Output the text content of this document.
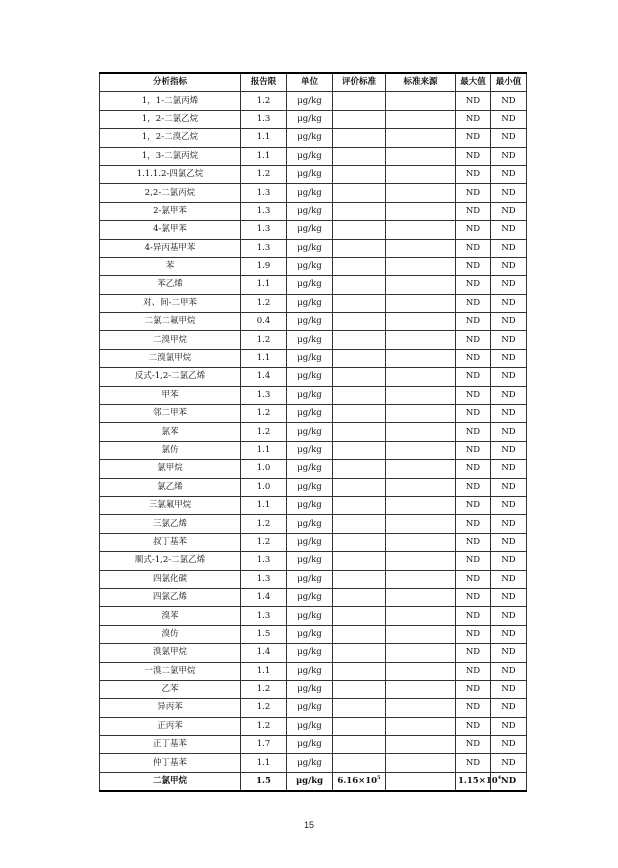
分析指标	报告限	单位	评价标准	标准来源	最大值	最小值
1，1-二氯丙烯	1.2	μg/kg			ND	ND
1，2-二氯乙烷	1.3	μg/kg			ND	ND
1，2-二溴乙烷	1.1	μg/kg			ND	ND
1，3-二氯丙烷	1.1	μg/kg			ND	ND
1.1.1.2-四氯乙烷	1.2	μg/kg			ND	ND
2,2-二氯丙烷	1.3	μg/kg			ND	ND
2-氯甲苯	1.3	μg/kg			ND	ND
4-氯甲苯	1.3	μg/kg			ND	ND
4-异丙基甲苯	1.3	μg/kg			ND	ND
苯	1.9	μg/kg			ND	ND
苯乙烯	1.1	μg/kg			ND	ND
对、间-二甲苯	1.2	μg/kg			ND	ND
二氯二氟甲烷	0.4	μg/kg			ND	ND
二溴甲烷	1.2	μg/kg			ND	ND
二溴氯甲烷	1.1	μg/kg			ND	ND
反式-1,2-二氯乙烯	1.4	μg/kg			ND	ND
甲苯	1.3	μg/kg			ND	ND
邻二甲苯	1.2	μg/kg			ND	ND
氯苯	1.2	μg/kg			ND	ND
氯仿	1.1	μg/kg			ND	ND
氯甲烷	1.0	μg/kg			ND	ND
氯乙烯	1.0	μg/kg			ND	ND
三氯氟甲烷	1.1	μg/kg			ND	ND
三氯乙烯	1.2	μg/kg			ND	ND
叔丁基苯	1.2	μg/kg			ND	ND
顺式-1,2-二氯乙烯	1.3	μg/kg			ND	ND
四氯化碳	1.3	μg/kg			ND	ND
四氯乙烯	1.4	μg/kg			ND	ND
溴苯	1.3	μg/kg			ND	ND
溴仿	1.5	μg/kg			ND	ND
溴氯甲烷	1.4	μg/kg			ND	ND
一溴二氯甲烷	1.1	μg/kg			ND	ND
乙苯	1.2	μg/kg			ND	ND
异丙苯	1.2	μg/kg			ND	ND
正丙苯	1.2	μg/kg			ND	ND
正丁基苯	1.7	μg/kg			ND	ND
仲丁基苯	1.1	μg/kg			ND	ND
二氯甲烷	1.5	μg/kg	$6.16\times 10^5$		$1.15\times 10^4$	ND
15
